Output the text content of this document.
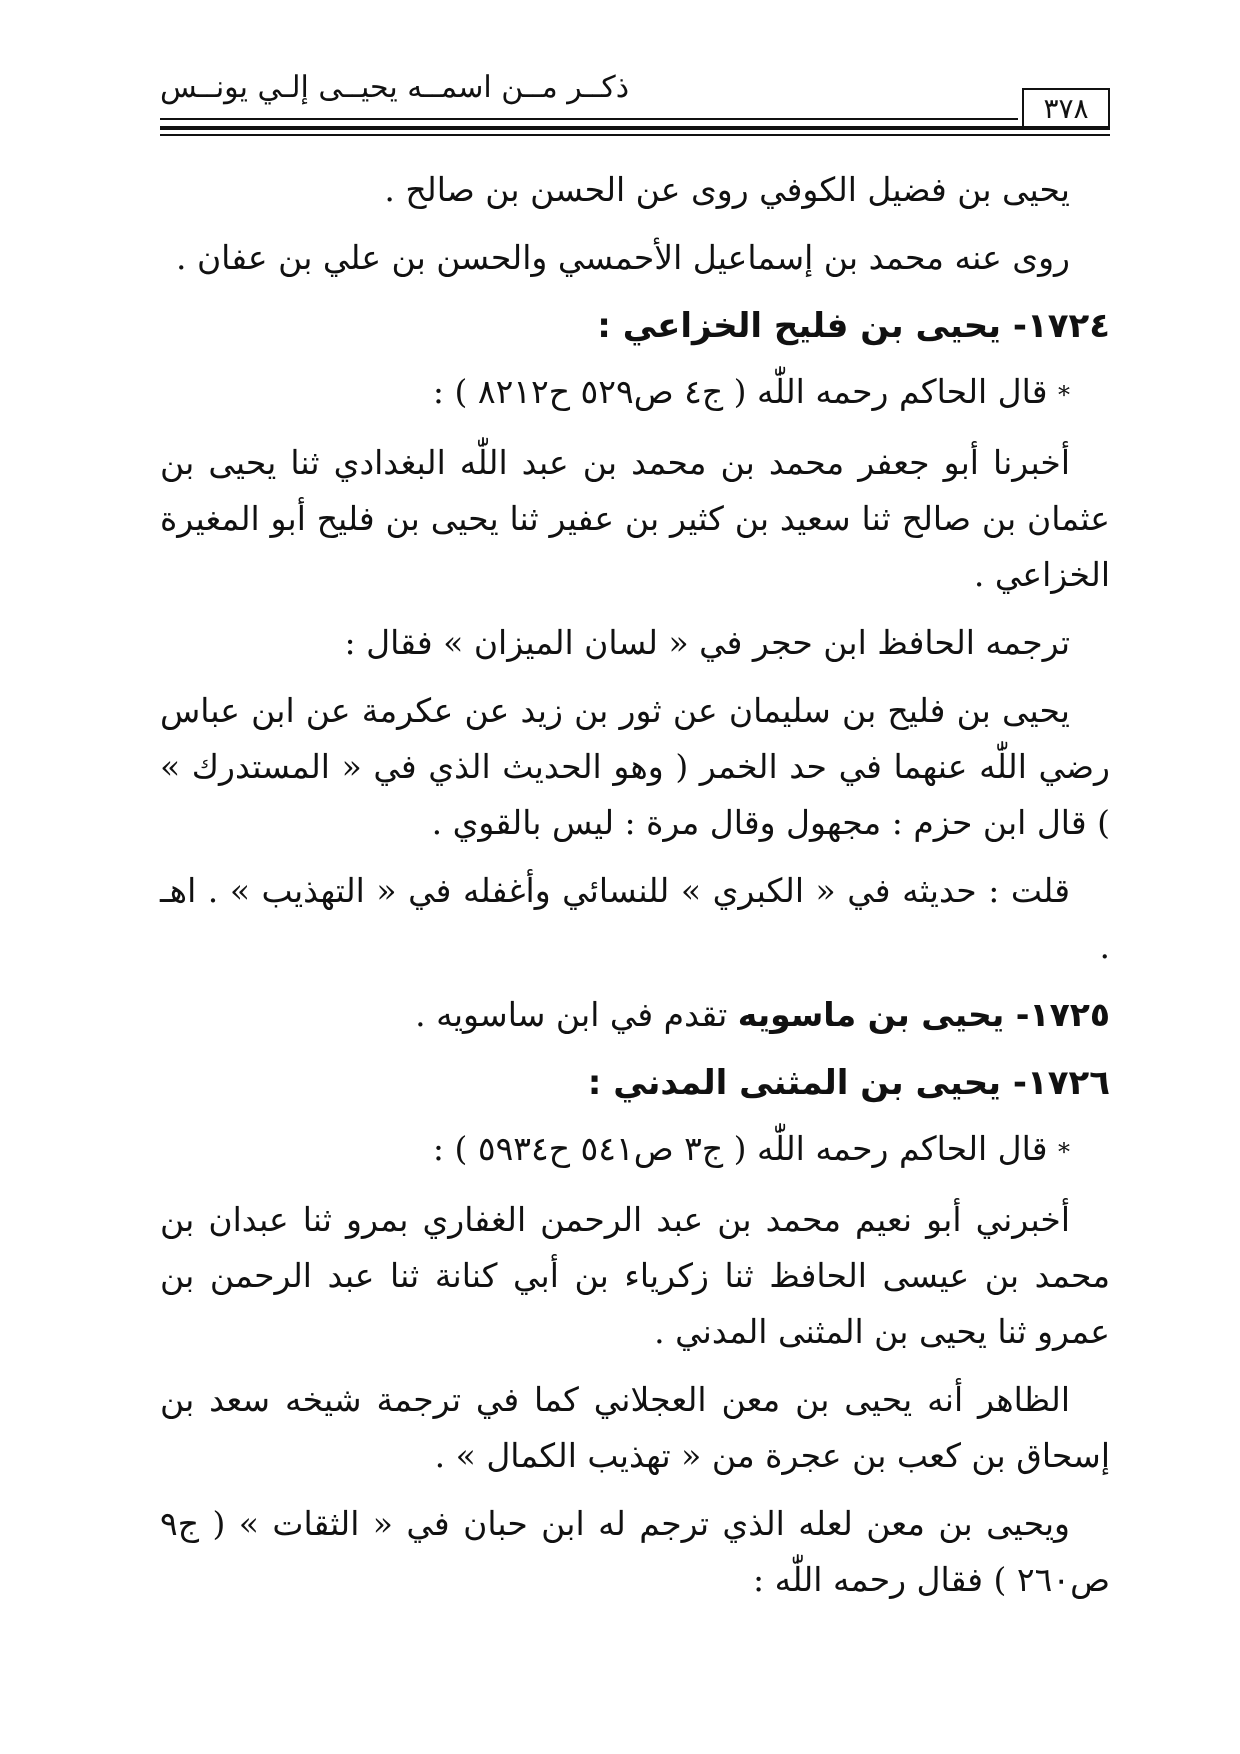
ذكــر مــن اسمــه يحيــى إلـي يونــس
٣٧٨

يحيى بن فضيل الكوفي روى عن الحسن بن صالح .

روى عنه محمد بن إسماعيل الأحمسي والحسن بن علي بن عفان .

١٧٢٤- يحيى بن فليح الخزاعي :

* قال الحاكم رحمه اللّٰه ( ج٤ ص٥٢٩ ح٨٢١٢ ) :

أخبرنا أبو جعفر محمد بن محمد بن عبد اللّٰه البغدادي ثنا يحيى بن عثمان بن صالح ثنا سعيد بن كثير بن عفير ثنا يحيى بن فليح أبو المغيرة الخزاعي .

ترجمه الحافظ ابن حجر في « لسان الميزان » فقال :

يحيى بن فليح بن سليمان عن ثور بن زيد عن عكرمة عن ابن عباس رضي اللّٰه عنهما في حد الخمر ( وهو الحديث الذي في « المستدرك » ) قال ابن حزم : مجهول وقال مرة : ليس بالقوي .

قلت : حديثه في « الكبري » للنسائي وأغفله في « التهذيب » . اهـ .

١٧٢٥- يحيى بن ماسويه تقدم في ابن ساسويه .

١٧٢٦- يحيى بن المثنى المدني :

* قال الحاكم رحمه اللّٰه ( ج٣ ص٥٤١ ح٥٩٣٤ ) :

أخبرني أبو نعيم محمد بن عبد الرحمن الغفاري بمرو ثنا عبدان بن محمد بن عيسى الحافظ ثنا زكرياء بن أبي كنانة ثنا عبد الرحمن بن عمرو ثنا يحيى بن المثنى المدني .

الظاهر أنه يحيى بن معن العجلاني كما في ترجمة شيخه سعد بن إسحاق بن كعب بن عجرة من « تهذيب الكمال » .

ويحيى بن معن لعله الذي ترجم له ابن حبان في « الثقات » ( ج٩ ص٢٦٠ ) فقال رحمه اللّٰه :
